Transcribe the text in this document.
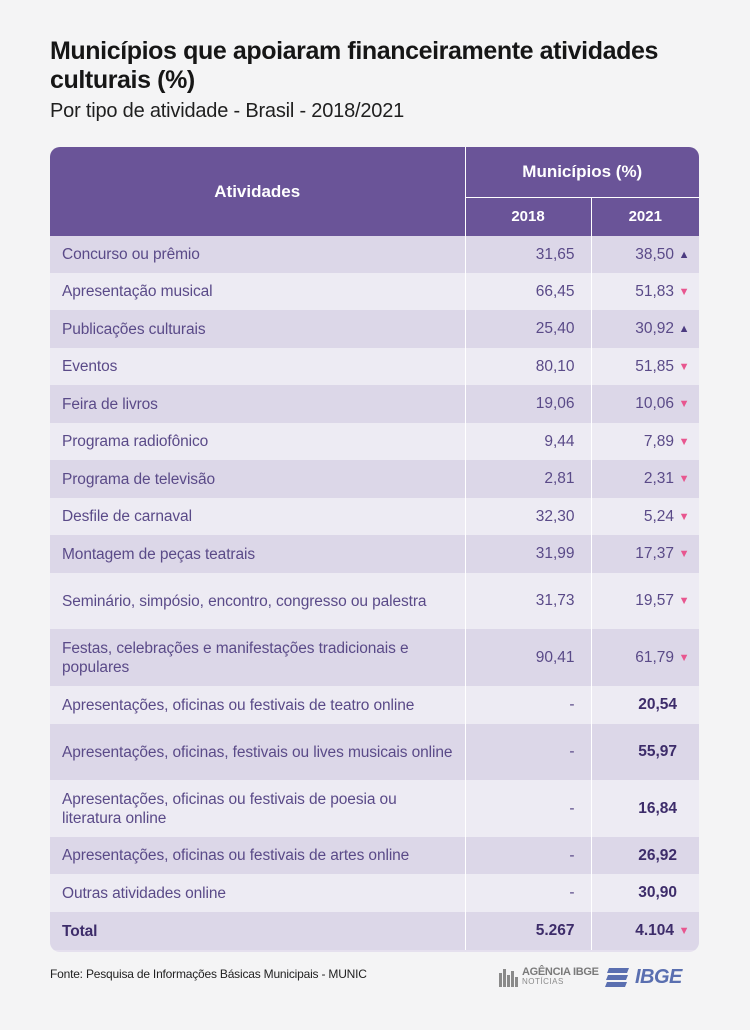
Municípios que apoiaram financeiramente atividades culturais (%)
Por tipo de atividade - Brasil - 2018/2021
Atividades	Municípios (%)	
	2018	2021
Concurso ou prêmio	31,65	38,50 ▲
Apresentação musical	66,45	51,83 ▼
Publicações culturais	25,40	30,92 ▲
Eventos	80,10	51,85 ▼
Feira de livros	19,06	10,06 ▼
Programa radiofônico	9,44	7,89 ▼
Programa de televisão	2,81	2,31 ▼
Desfile de carnaval	32,30	5,24 ▼
Montagem de peças teatrais	31,99	17,37 ▼
Seminário, simpósio, encontro, congresso ou palestra	31,73	19,57 ▼
Festas, celebrações e manifestações tradicionais e populares	90,41	61,79 ▼
Apresentações, oficinas ou festivais de teatro online	-	20,54
Apresentações, oficinas, festivais ou lives musicais online	-	55,97
Apresentações, oficinas ou festivais de poesia ou literatura online	-	16,84
Apresentações, oficinas ou festivais de artes online	-	26,92
Outras atividades online	-	30,90
Total	5.267	4.104 ▼
Fonte: Pesquisa de Informações Básicas Municipais - MUNIC	AGÊNCIA IBGE
NOTÍCIAS	IBGE
